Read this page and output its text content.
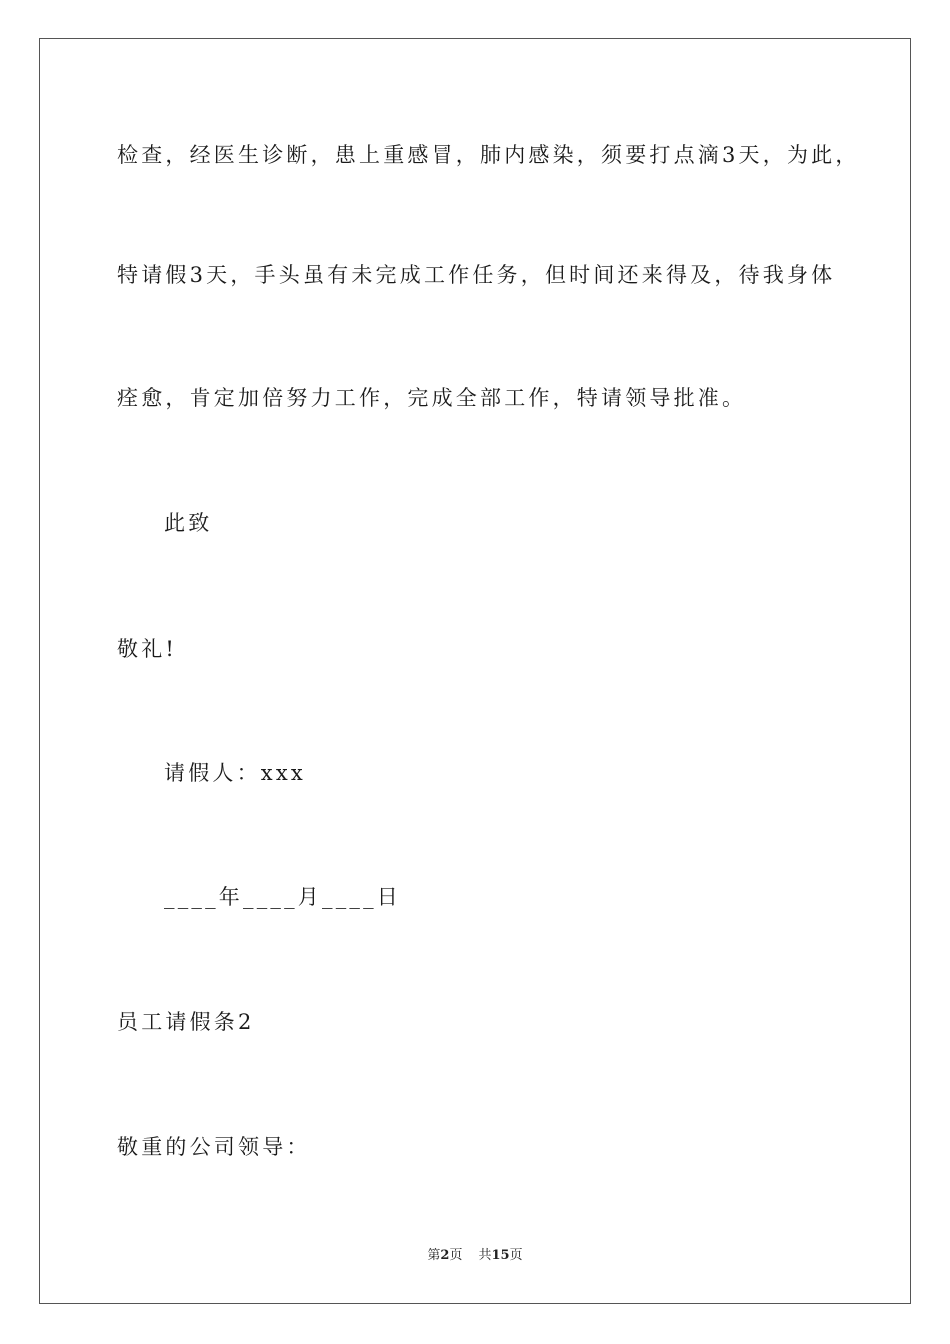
检查，经医生诊断，患上重感冒，肺内感染，须要打点滴3天，为此，
特请假3天，手头虽有未完成工作任务，但时间还来得及，待我身体
痊愈，肯定加倍努力工作，完成全部工作，特请领导批准。
此致
敬礼!
请假人：xxx
____年____月____日
员工请假条2
敬重的公司领导：
第2页 共15页
